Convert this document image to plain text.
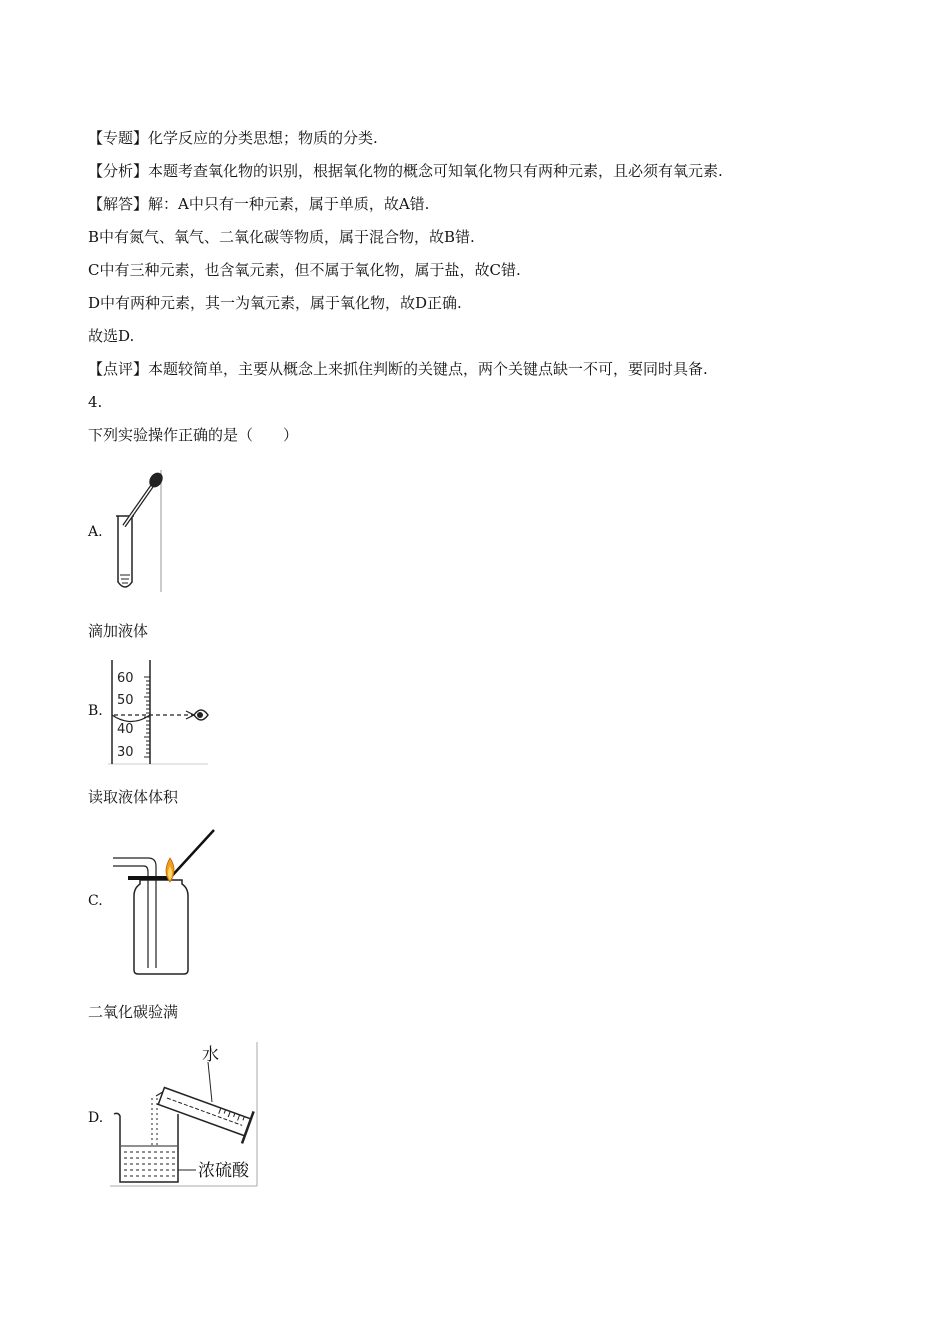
【专题】化学反应的分类思想；物质的分类.
【分析】本题考查氧化物的识别，根据氧化物的概念可知氧化物只有两种元素，且必须有氧元素.
【解答】解：A中只有一种元素，属于单质，故A错.
B中有氮气、氧气、二氧化碳等物质，属于混合物，故B错.
C中有三种元素，也含氧元素，但不属于氧化物，属于盐，故C错.
D中有两种元素，其一为氧元素，属于氧化物，故D正确.
故选D.
【点评】本题较简单，主要从概念上来抓住判断的关键点，两个关键点缺一不可，要同时具备.
4.
下列实验操作正确的是（　　）
A.
滴加液体
B.
60
50
40
30
读取液体体积
C.
二氧化碳验满
D.
浓硫酸
水
